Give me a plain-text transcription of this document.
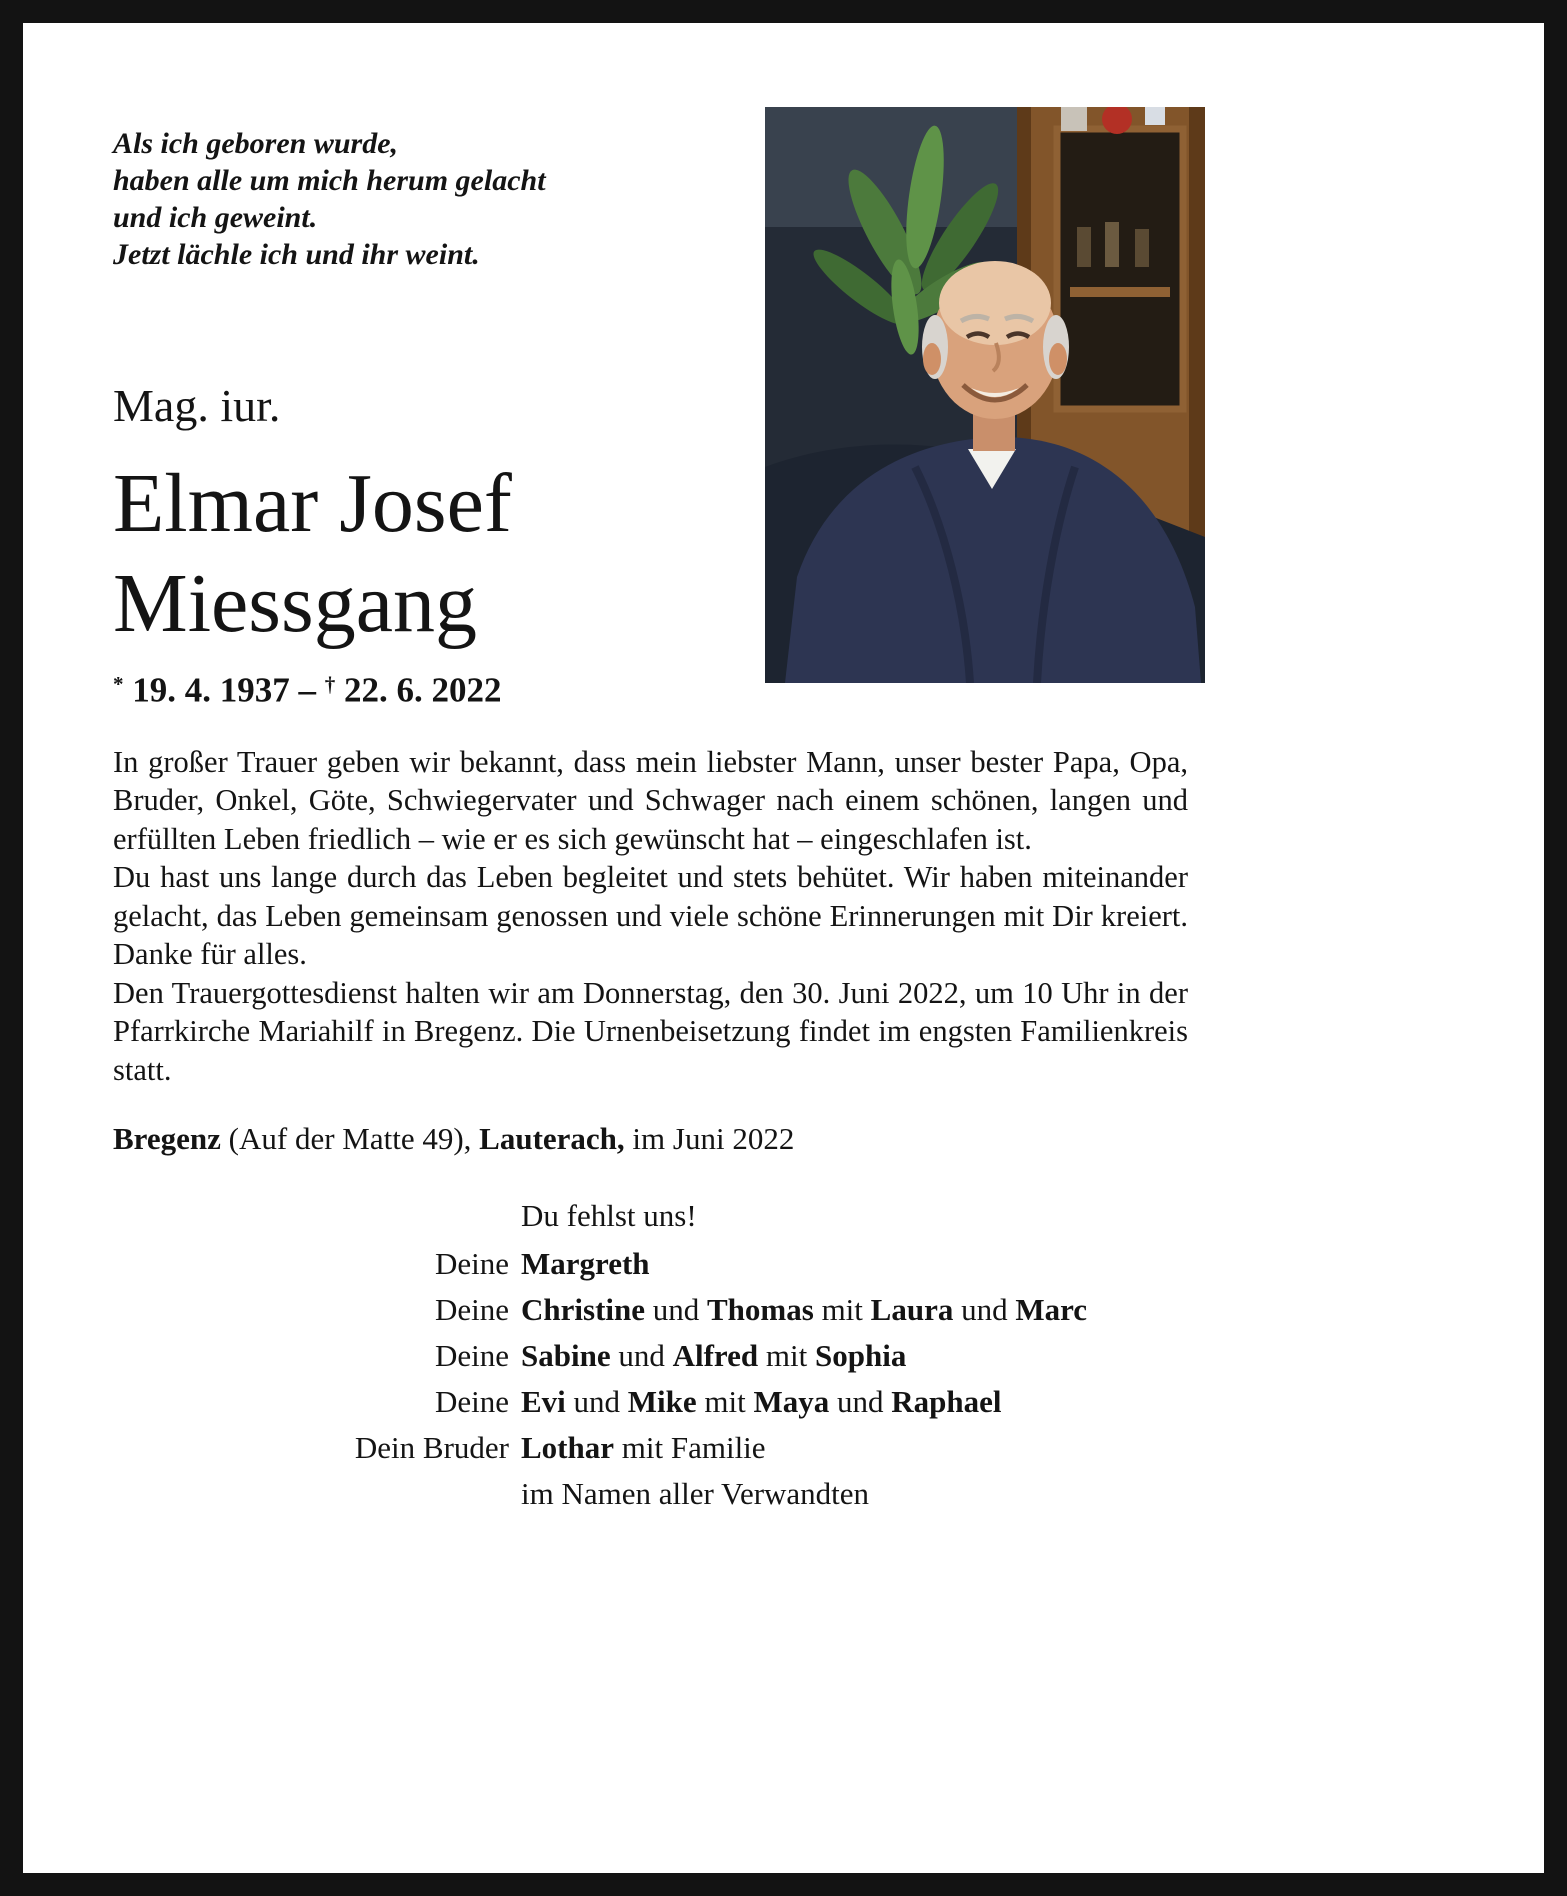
Als ich geboren wurde,
haben alle um mich herum gelacht
und ich geweint.
Jetzt lächle ich und ihr weint.
Mag. iur.
Elmar Josef
Miessgang
* 19. 4. 1937 – † 22. 6. 2022

In großer Trauer geben wir bekannt, dass mein liebster Mann, unser bester Papa, Opa, Bruder, Onkel, Göte, Schwiegervater und Schwager nach einem schönen, langen und erfüllten Leben friedlich – wie er es sich gewünscht hat – eingeschlafen ist.

Du hast uns lange durch das Leben begleitet und stets behütet. Wir haben miteinander gelacht, das Leben gemeinsam genossen und viele schöne Erinnerungen mit Dir kreiert. Danke für alles.

Den Trauergottesdienst halten wir am Donnerstag, den 30. Juni 2022, um 10 Uhr in der Pfarrkirche Mariahilf in Bregenz. Die Urnenbeisetzung findet im engsten Familienkreis statt.

Bregenz (Auf der Matte 49), Lauterach, im Juni 2022
Du fehlst uns!
Deine Margreth
Deine Christine und Thomas mit Laura und Marc
Deine Sabine und Alfred mit Sophia
Deine Evi und Mike mit Maya und Raphael
Dein Bruder Lothar mit Familie
im Namen aller Verwandten
